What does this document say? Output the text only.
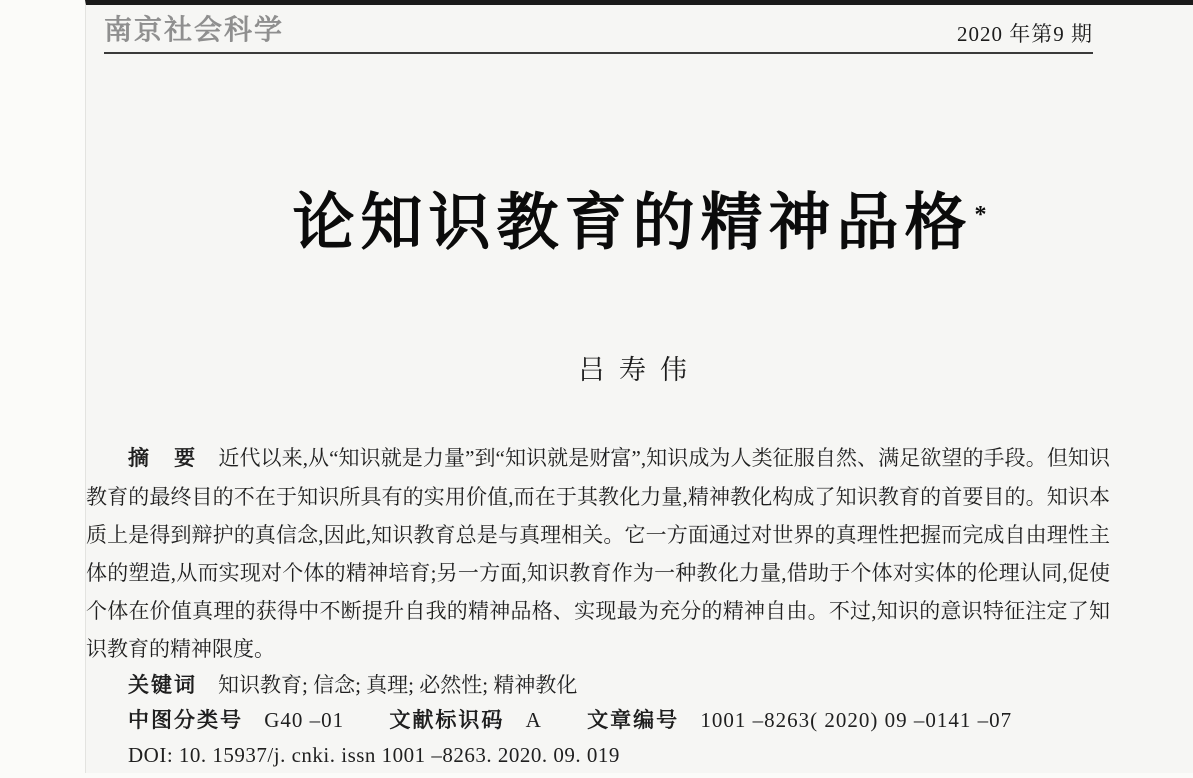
南京社会科学	2020 年第9 期
论知识教育的精神品格*
吕寿伟

摘　要　近代以来,从“知识就是力量”到“知识就是财富”,知识成为人类征服自然、满足欲望的手段。但知识教育的最终目的不在于知识所具有的实用价值,而在于其教化力量,精神教化构成了知识教育的首要目的。知识本质上是得到辩护的真信念,因此,知识教育总是与真理相关。它一方面通过对世界的真理性把握而完成自由理性主体的塑造,从而实现对个体的精神培育;另一方面,知识教育作为一种教化力量,借助于个体对实体的伦理认同,促使个体在价值真理的获得中不断提升自我的精神品格、实现最为充分的精神自由。不过,知识的意识特征注定了知识教育的精神限度。

关键词　知识教育; 信念; 真理; 必然性; 精神教化

中图分类号 G40 –01 文献标识码 A 文章编号 1001 –8263( 2020) 09 –0141 –07

DOI: 10. 15937/j. cnki. issn 1001 –8263. 2020. 09. 019
